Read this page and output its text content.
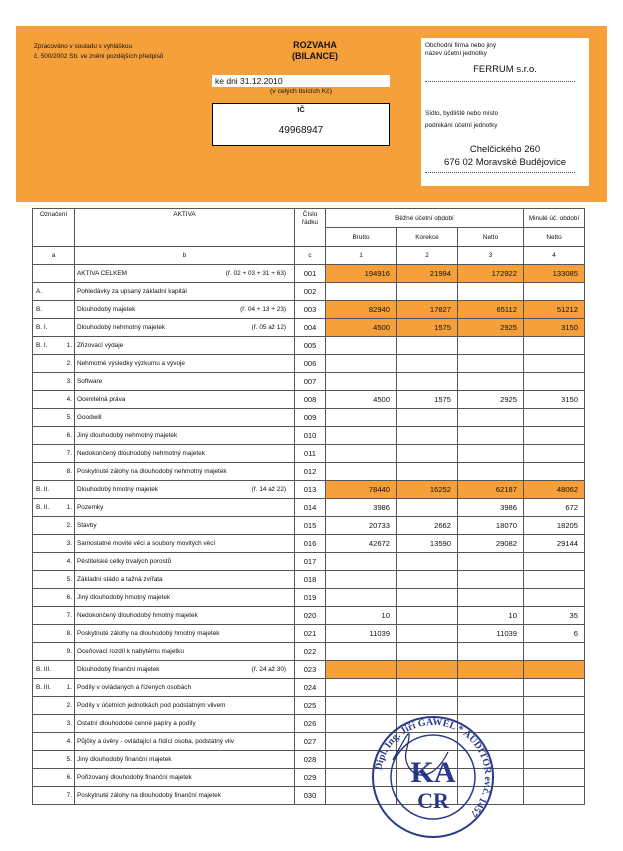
Zpracováno v souladu s vyhláškou
č. 500/2002 Sb. ve znění pozdějších předpisů
ROZVAHA
(BILANCE)
ke dni 31.12.2010
(v celých tisících Kč)
IČ
49968947
Obchodní firma nebo jiný
název účetní jednotky
FERRUM s.r.o.
Sídlo, bydliště nebo místo
podnikání účetní jednotky
Chelčického 260
676 02 Moravské Budějovice
Označení		AKTIVA	Číslo
řádku	Běžné účetní období			Minulé úč. období
				Brutto	Korekce	Netto	Netto
a		b	c	1	2	3	4

		AKTIVA CELKEM (ř. 02 + 03 + 31 + 63)	001	194916	21994	172922	133085
A.		Pohledávky za upsaný základní kapitál	002				
B.		Dlouhodobý majetek (ř. 04 + 13 + 23)	003	82940	17827	65112	51212
B. I.		Dlouhodobý nehmotný majetek (ř. 05 až 12)	004	4500	1575	2925	3150
B. I.	1.	Zřizovací výdaje	005				
	2.	Nehmotné výsledky výzkumu a vývoje	006				
	3.	Software	007				
	4.	Ocenitelná práva	008	4500	1575	2925	3150
	5.	Goodwill	009				
	6.	Jiný dlouhodobý nehmotný majetek	010				
	7.	Nedokončený dlouhodobý nehmotný majetek	011				
	8.	Poskytnuté zálohy na dlouhodobý nehmotný majetek	012				
B. II.		Dlouhodobý hmotný majetek (ř. 14 až 22)	013	78440	16252	62187	48062
B. II.	1.	Pozemky	014	3986		3986	672
	2.	Stavby	015	20733	2662	18070	18205
	3.	Samostatné movité věci a soubory movitých věcí	016	42672	13590	29082	29144
	4.	Pěstitelské celky trvalých porostů	017				
	5.	Základní stádo a tažná zvířata	018				
	6.	Jiný dlouhodobý hmotný majetek	019				
	7.	Nedokončený dlouhodobý hmotný majetek	020	10		10	35
	8.	Poskytnuté zálohy na dlouhodobý hmotný majetek	021	11039		11039	6
	9.	Oceňovací rozdíl k nabytému majetku	022				
B. III.		Dlouhodobý finanční majetek (ř. 24 až 30)	023				
B. III.	1.	Podíly v ovládaných a řízených osobách	024				
	2.	Podíly v účetních jednotkách pod podstatným vlivem	025				
	3.	Ostatní dlouhodobé cenné papíry a podíly	026				
	4.	Půjčky a úvěry - ovládající a řídící osoba, podstatný vliv	027				
	5.	Jiný dlouhodobý finanční majetek	028				
	6.	Pořizovaný dlouhodobý finanční majetek	029				
	7.	Poskytnuté zálohy na dlouhodobý finanční majetek	030				
Dipl. Ing. Jiří GAWEL * AUDITOR ev.č. 1457
KA
CR
